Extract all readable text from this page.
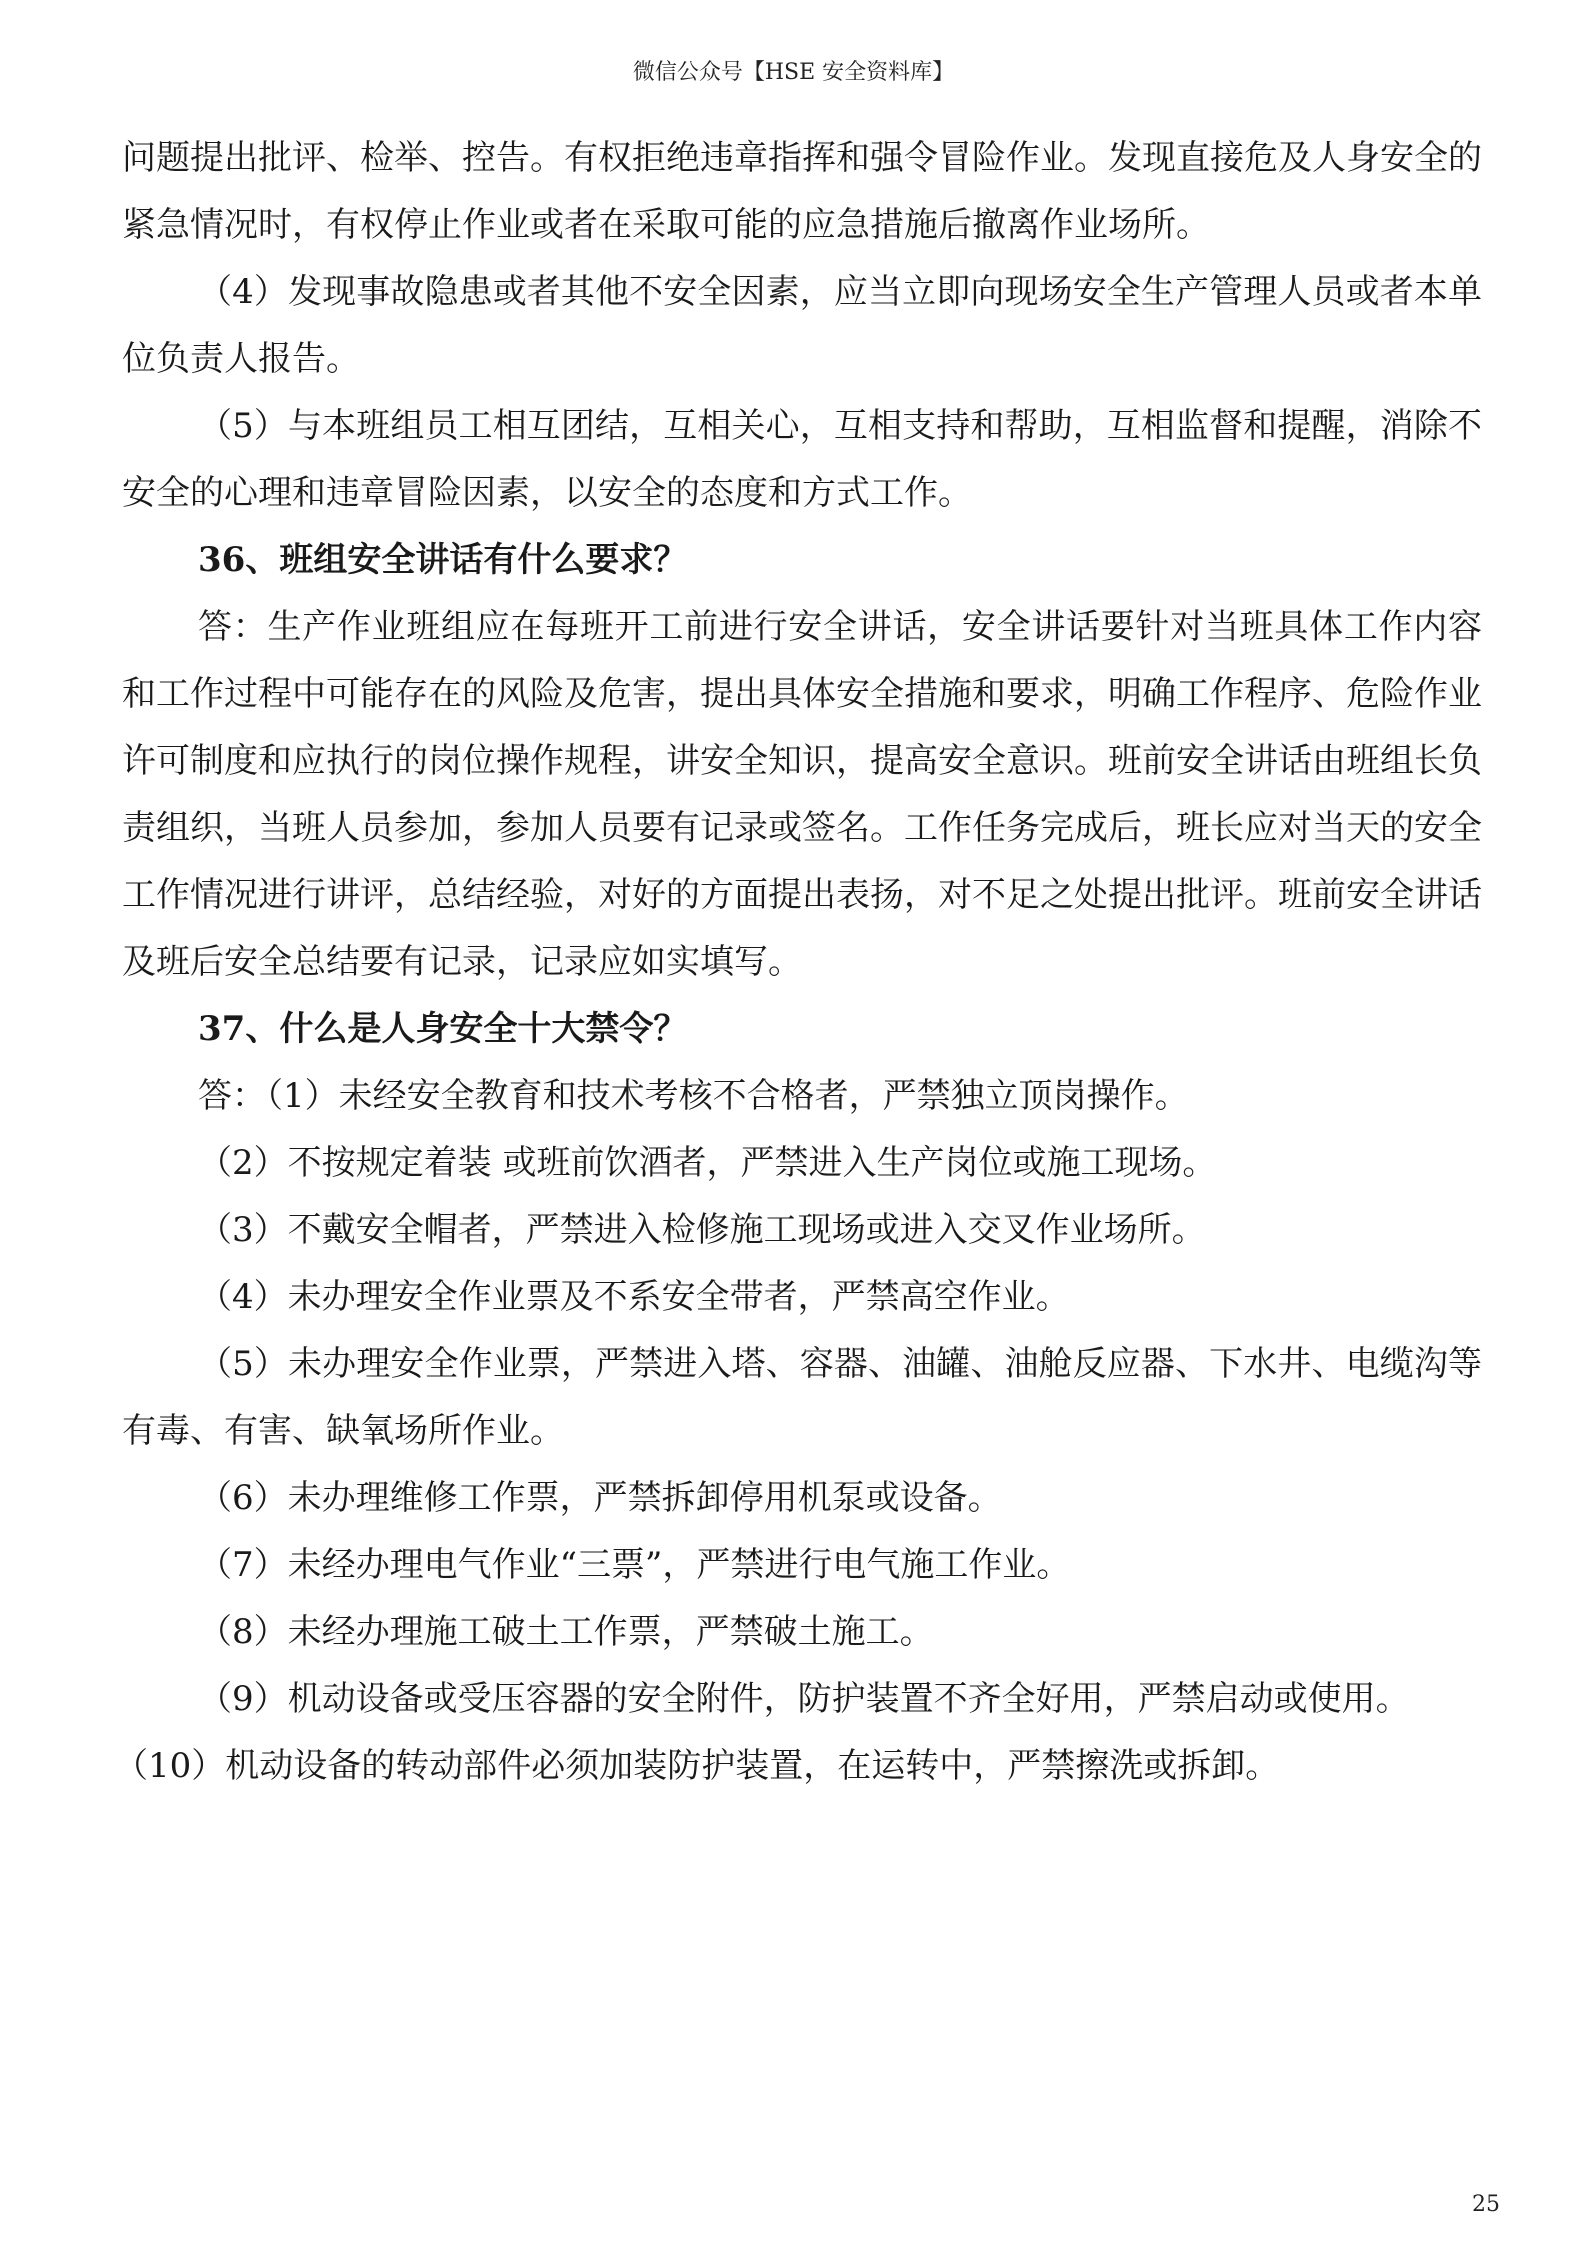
微信公众号【HSE 安全资料库】

问题提出批评、检举、控告。有权拒绝违章指挥和强令冒险作业。发现直接危及人身安全的紧急情况时，有权停止作业或者在采取可能的应急措施后撤离作业场所。

（4）发现事故隐患或者其他不安全因素，应当立即向现场安全生产管理人员或者本单位负责人报告。

（5）与本班组员工相互团结，互相关心，互相支持和帮助，互相监督和提醒，消除不安全的心理和违章冒险因素，以安全的态度和方式工作。

36、班组安全讲话有什么要求？

答：生产作业班组应在每班开工前进行安全讲话，安全讲话要针对当班具体工作内容和工作过程中可能存在的风险及危害，提出具体安全措施和要求，明确工作程序、危险作业许可制度和应执行的岗位操作规程，讲安全知识，提高安全意识。班前安全讲话由班组长负责组织，当班人员参加，参加人员要有记录或签名。工作任务完成后，班长应对当天的安全工作情况进行讲评，总结经验，对好的方面提出表扬，对不足之处提出批评。班前安全讲话及班后安全总结要有记录，记录应如实填写。

37、什么是人身安全十大禁令？

答：（1）未经安全教育和技术考核不合格者，严禁独立顶岗操作。

（2）不按规定着装 或班前饮酒者，严禁进入生产岗位或施工现场。

（3）不戴安全帽者，严禁进入检修施工现场或进入交叉作业场所。

（4）未办理安全作业票及不系安全带者，严禁高空作业。

（5）未办理安全作业票，严禁进入塔、容器、油罐、油舱反应器、下水井、电缆沟等有毒、有害、缺氧场所作业。

（6）未办理维修工作票，严禁拆卸停用机泵或设备。

（7）未经办理电气作业“三票”，严禁进行电气施工作业。

（8）未经办理施工破土工作票，严禁破土施工。

（9）机动设备或受压容器的安全附件，防护装置不齐全好用，严禁启动或使用。

（10）机动设备的转动部件必须加装防护装置，在运转中，严禁擦洗或拆卸。

25
